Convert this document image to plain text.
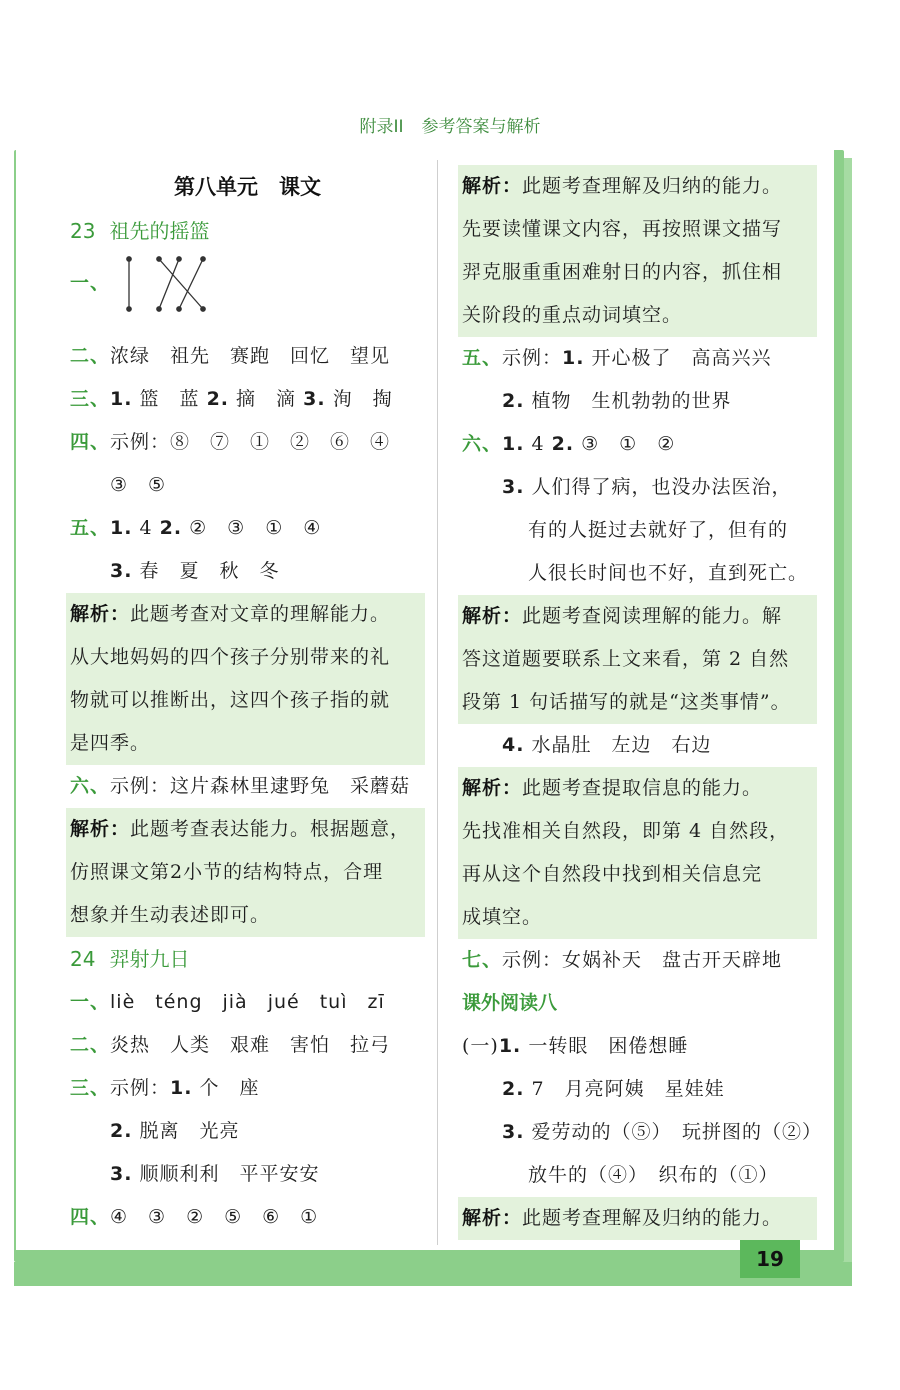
附录II 参考答案与解析
第八单元　课文
23 祖先的摇篮
一、
二、浓绿　祖先　赛跑　回忆　望见
三、1. 篮　蓝 2. 摘　滴 3. 洵　掏
四、示例：⑧　⑦　①　②　⑥　④
③　⑤
五、1. 4 2. ②　③　①　④
3. 春　夏　秋　冬
解析：此题考查对文章的理解能力。
从大地妈妈的四个孩子分别带来的礼
物就可以推断出，这四个孩子指的就
是四季。
六、示例：这片森林里逮野兔　采蘑菇
解析：此题考查表达能力。根据题意，
仿照课文第2小节的结构特点，合理
想象并生动表述即可。
24 羿射九日
一、liè　téng　jià　jué　tuì　zī
二、炎热　人类　艰难　害怕　拉弓
三、示例：1. 个　座
2. 脱离　光亮
3. 顺顺利利　平平安安
四、④　③　②　⑤　⑥　①
解析：此题考查理解及归纳的能力。
先要读懂课文内容，再按照课文描写
羿克服重重困难射日的内容，抓住相
关阶段的重点动词填空。
五、示例：1. 开心极了　高高兴兴
2. 植物　生机勃勃的世界
六、1. 4 2. ③　①　②
3. 人们得了病，也没办法医治，
有的人挺过去就好了，但有的
人很长时间也不好，直到死亡。
解析：此题考查阅读理解的能力。解
答这道题要联系上文来看，第 2 自然
段第 1 句话描写的就是“这类事情”。
4. 水晶肚　左边　右边
解析：此题考查提取信息的能力。
先找准相关自然段，即第 4 自然段，
再从这个自然段中找到相关信息完
成填空。
七、示例：女娲补天　盘古开天辟地
课外阅读八
(一)1. 一转眼　困倦想睡
2. 7　月亮阿姨　星娃娃
3. 爱劳动的（⑤）　玩拼图的（②）
放牛的（④）　织布的（①）
解析：此题考查理解及归纳的能力。
19
